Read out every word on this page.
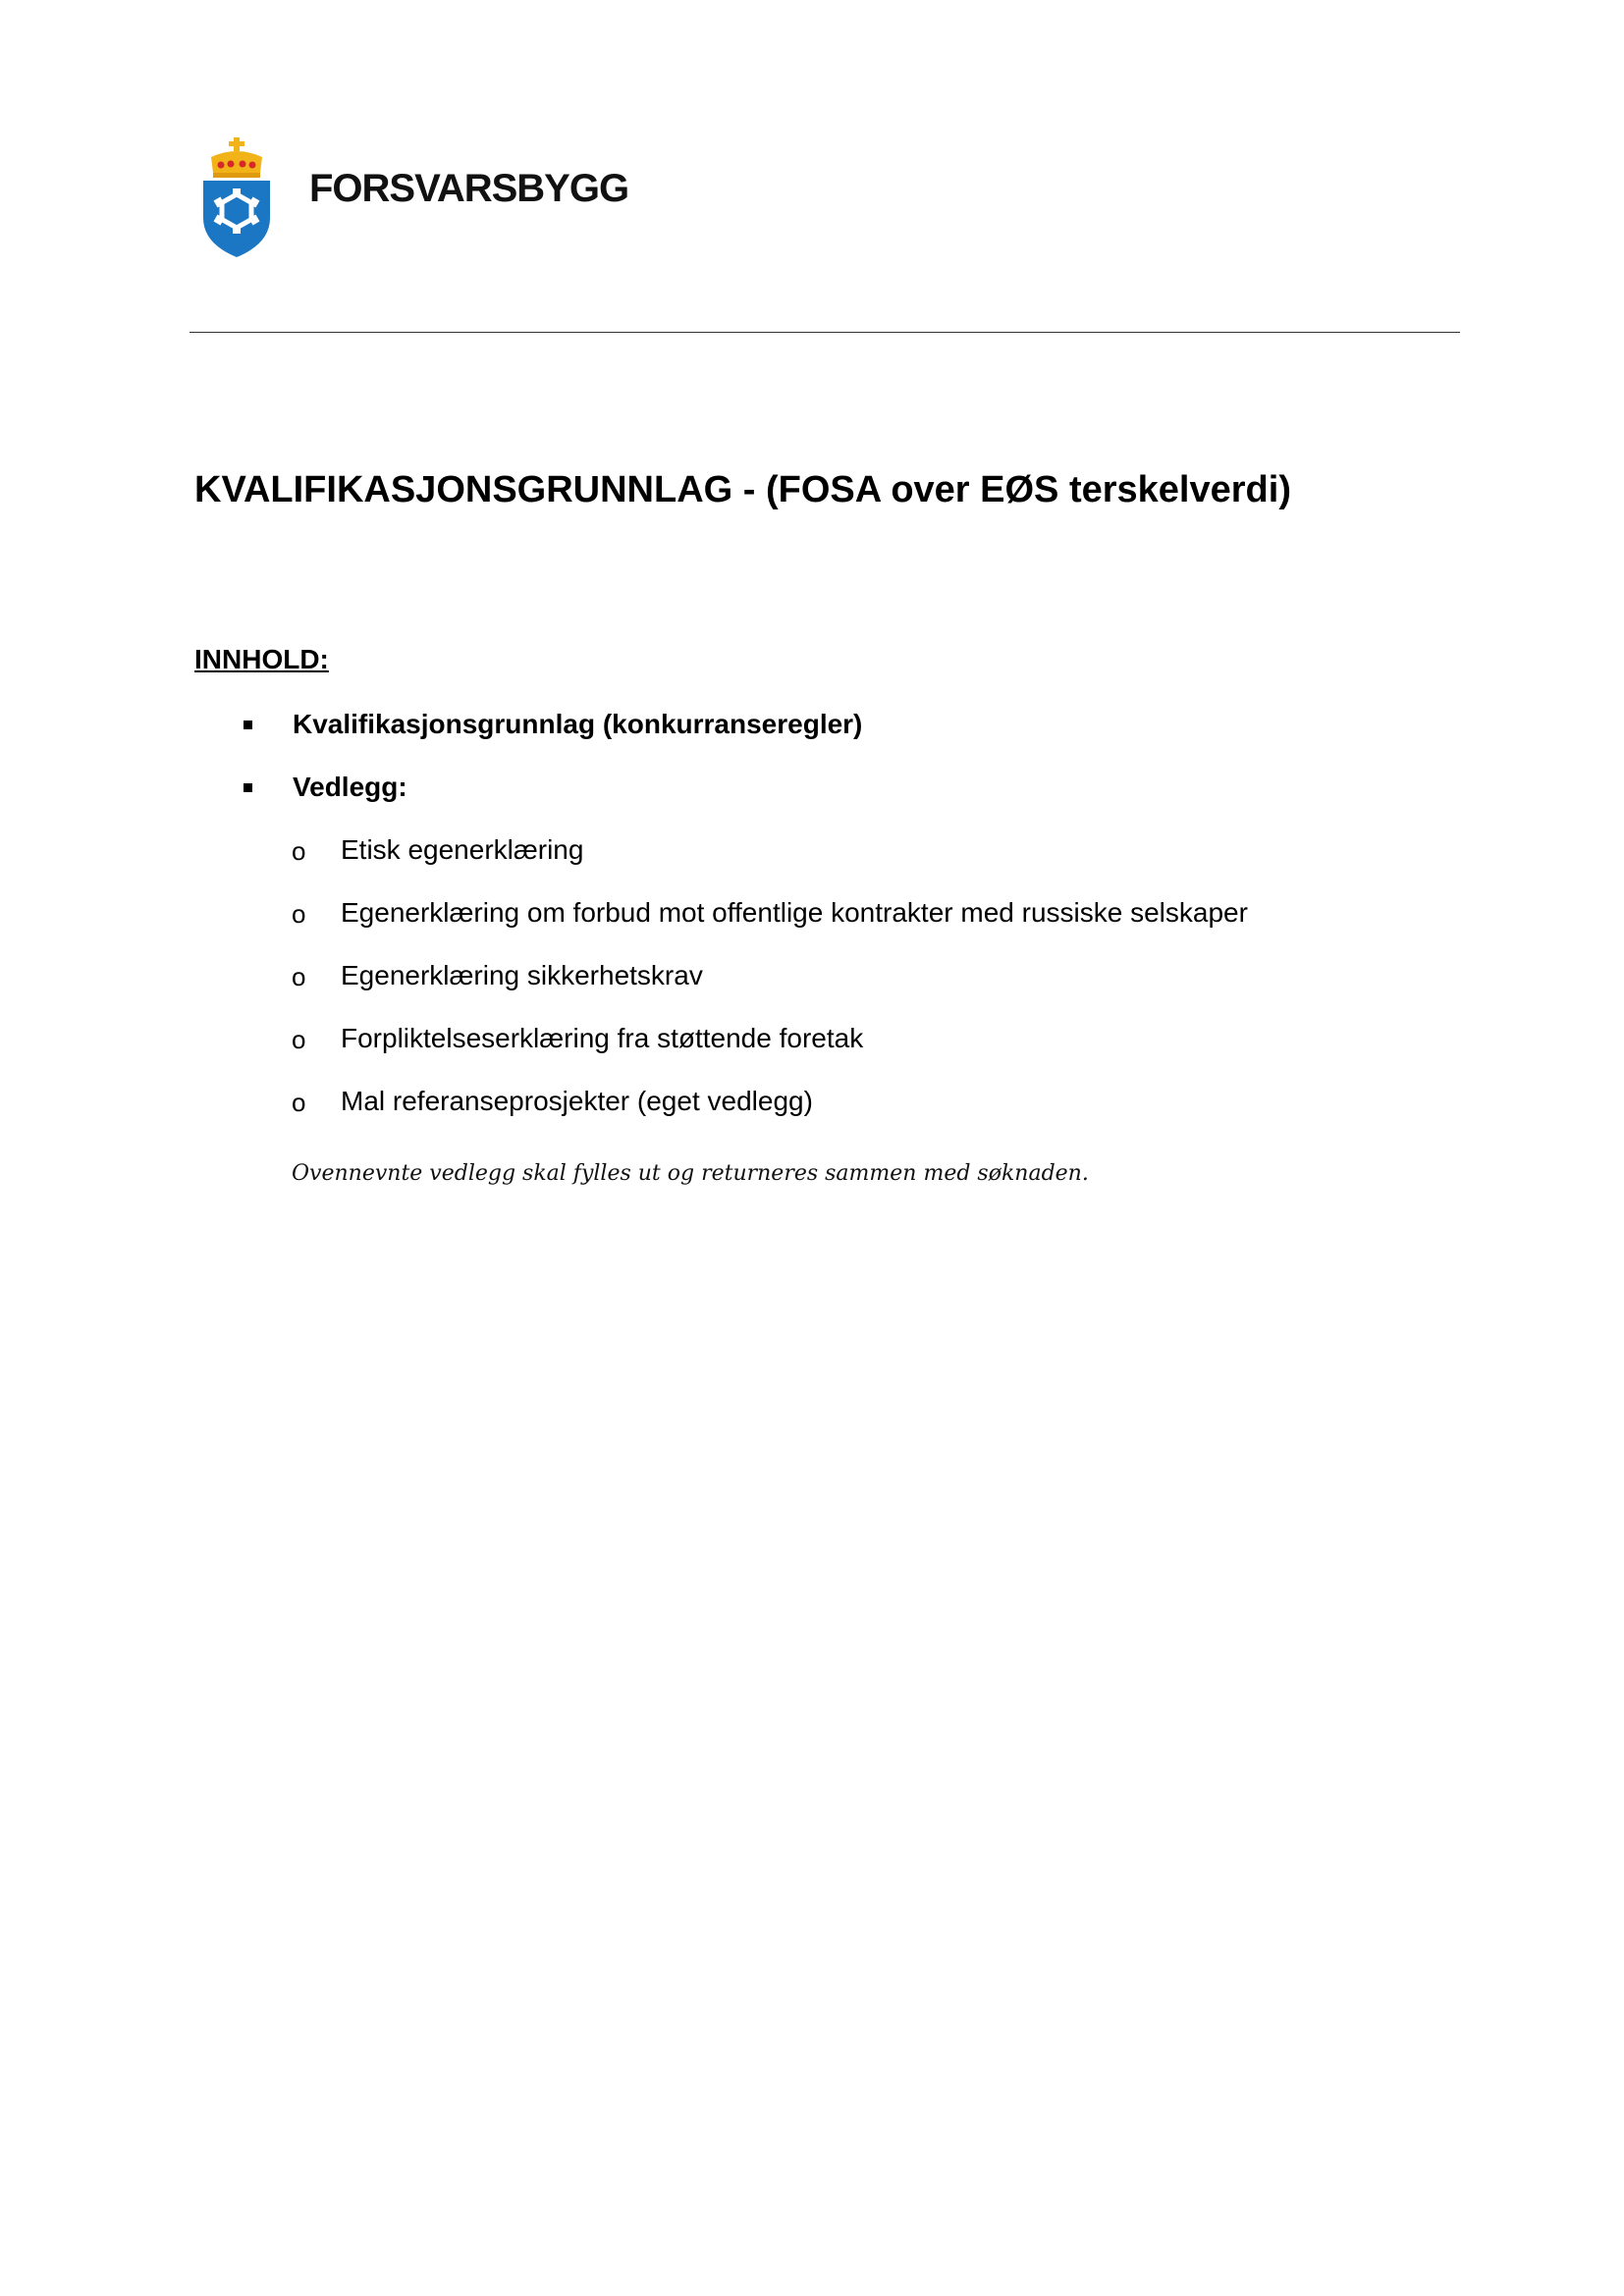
FORSVARSBYGG
KVALIFIKASJONSGRUNNLAG - (FOSA over EØS terskelverdi)
INNHOLD:
Kvalifikasjonsgrunnlag (konkurranseregler)
Vedlegg:
o Etisk egenerklæring
o Egenerklæring om forbud mot offentlige kontrakter med russiske selskaper
o Egenerklæring sikkerhetskrav
o Forpliktelseserklæring fra støttende foretak
o Mal referanseprosjekter (eget vedlegg)
Ovennevnte vedlegg skal fylles ut og returneres sammen med søknaden.
